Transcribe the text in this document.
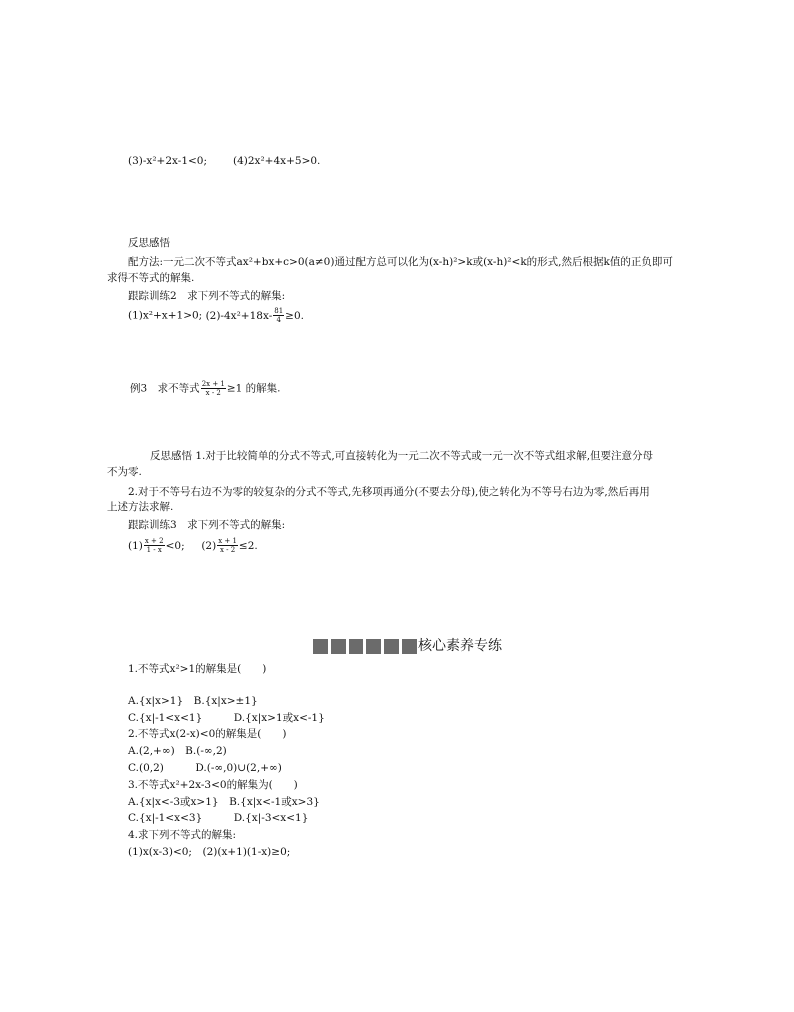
(3)-x²+2x-1<0; (4)2x²+4x+5>0.
反思感悟
配方法:一元二次不等式ax²+bx+c>0(a≠0)通过配方总可以化为(x-h)²>k或(x-h)²<k的形式,然后根据k值的正负即可
求得不等式的解集.
跟踪训练2　求下列不等式的解集:
(1)x²+x+1>0; $(2)-4x^2+18x- \frac{81}{4} \ge 0$.
例3　求不等式 $\frac{2x + 1}{x - 2} \ge 1$ 的解集.
反思感悟 1.对于比较简单的分式不等式,可直接转化为一元二次不等式或一元一次不等式组求解,但要注意分母
不为零.
2.对于不等号右边不为零的较复杂的分式不等式,先移项再通分(不要去分母),使之转化为不等号右边为零,然后再用
上述方法求解.
跟踪训练3　求下列不等式的解集:
$(1) \frac{x + 2}{1 - x} <0$; $(2) \frac{x + 1}{x - 2} \le 2$.
核心素养专练
1.不等式x²>1的解集是(　　)
A.{x|x>1}　B.{x|x>±1}
C.{x|-1<x<1}　　　D.{x|x>1或x<-1}
2.不等式x(2-x)<0的解集是(　　)
A.(2,+∞)　B.(-∞,2)
C.(0,2)　　　D.(-∞,0)∪(2,+∞)
3.不等式x²+2x-3<0的解集为(　　)
A.{x|x<-3或x>1}　B.{x|x<-1或x>3}
C.{x|-1<x<3}　　　D.{x|-3<x<1}
4.求下列不等式的解集:
(1)x(x-3)<0;　(2)(x+1)(1-x)≥0;
